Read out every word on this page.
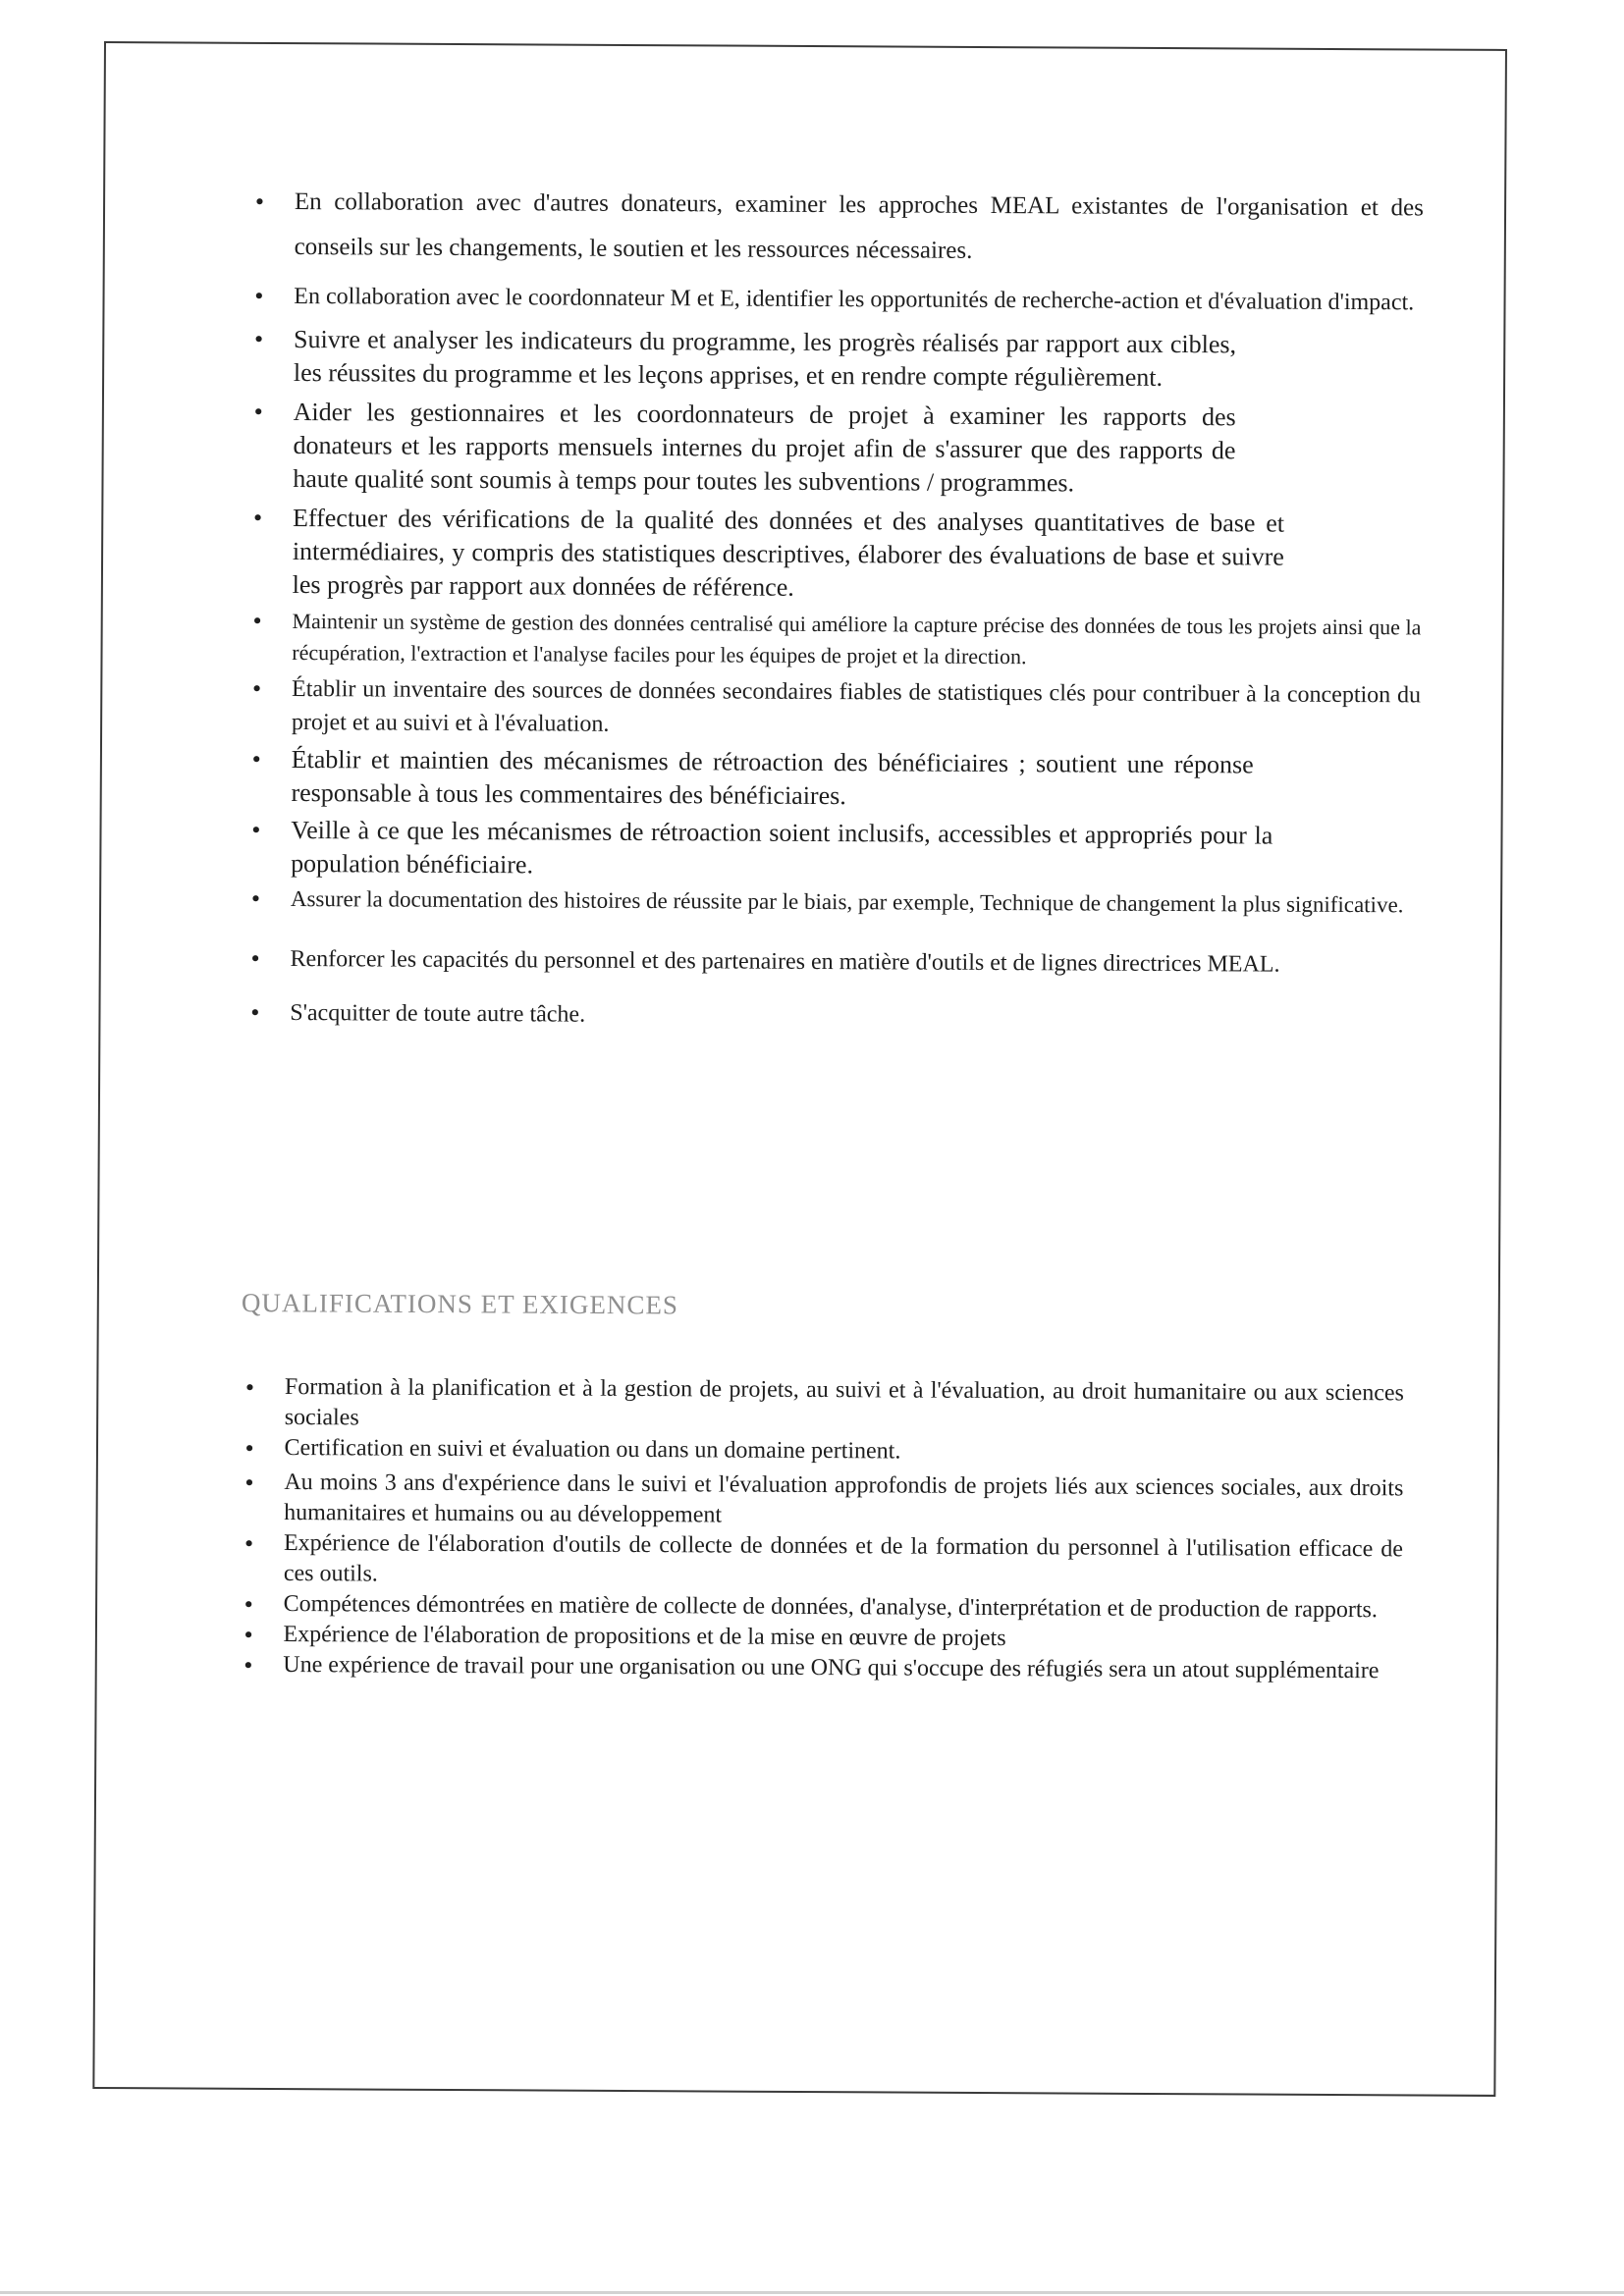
• En collaboration avec d'autres donateurs, examiner les approches MEAL existantes de l'organisation et des conseils sur les changements, le soutien et les ressources nécessaires.
• En collaboration avec le coordonnateur M et E, identifier les opportunités de recherche-action et d'évaluation d'impact.
• Suivre et analyser les indicateurs du programme, les progrès réalisés par rapport aux cibles, les réussites du programme et les leçons apprises, et en rendre compte régulièrement.
• Aider les gestionnaires et les coordonnateurs de projet à examiner les rapports des donateurs et les rapports mensuels internes du projet afin de s'assurer que des rapports de haute qualité sont soumis à temps pour toutes les subventions / programmes.
• Effectuer des vérifications de la qualité des données et des analyses quantitatives de base et intermédiaires, y compris des statistiques descriptives, élaborer des évaluations de base et suivre les progrès par rapport aux données de référence.
• Maintenir un système de gestion des données centralisé qui améliore la capture précise des données de tous les projets ainsi que la récupération, l'extraction et l'analyse faciles pour les équipes de projet et la direction.
• Établir un inventaire des sources de données secondaires fiables de statistiques clés pour contribuer à la conception du projet et au suivi et à l'évaluation.
• Établir et maintien des mécanismes de rétroaction des bénéficiaires ; soutient une réponse responsable à tous les commentaires des bénéficiaires.
• Veille à ce que les mécanismes de rétroaction soient inclusifs, accessibles et appropriés pour la population bénéficiaire.
• Assurer la documentation des histoires de réussite par le biais, par exemple, Technique de changement la plus significative.
• Renforcer les capacités du personnel et des partenaires en matière d'outils et de lignes directrices MEAL.
• S'acquitter de toute autre tâche.
QUALIFICATIONS ET EXIGENCES
• Formation à la planification et à la gestion de projets, au suivi et à l'évaluation, au droit humanitaire ou aux sciences sociales
• Certification en suivi et évaluation ou dans un domaine pertinent.
• Au moins 3 ans d'expérience dans le suivi et l'évaluation approfondis de projets liés aux sciences sociales, aux droits humanitaires et humains ou au développement
• Expérience de l'élaboration d'outils de collecte de données et de la formation du personnel à l'utilisation efficace de ces outils.
• Compétences démontrées en matière de collecte de données, d'analyse, d'interprétation et de production de rapports.
• Expérience de l'élaboration de propositions et de la mise en œuvre de projets
• Une expérience de travail pour une organisation ou une ONG qui s'occupe des réfugiés sera un atout supplémentaire
